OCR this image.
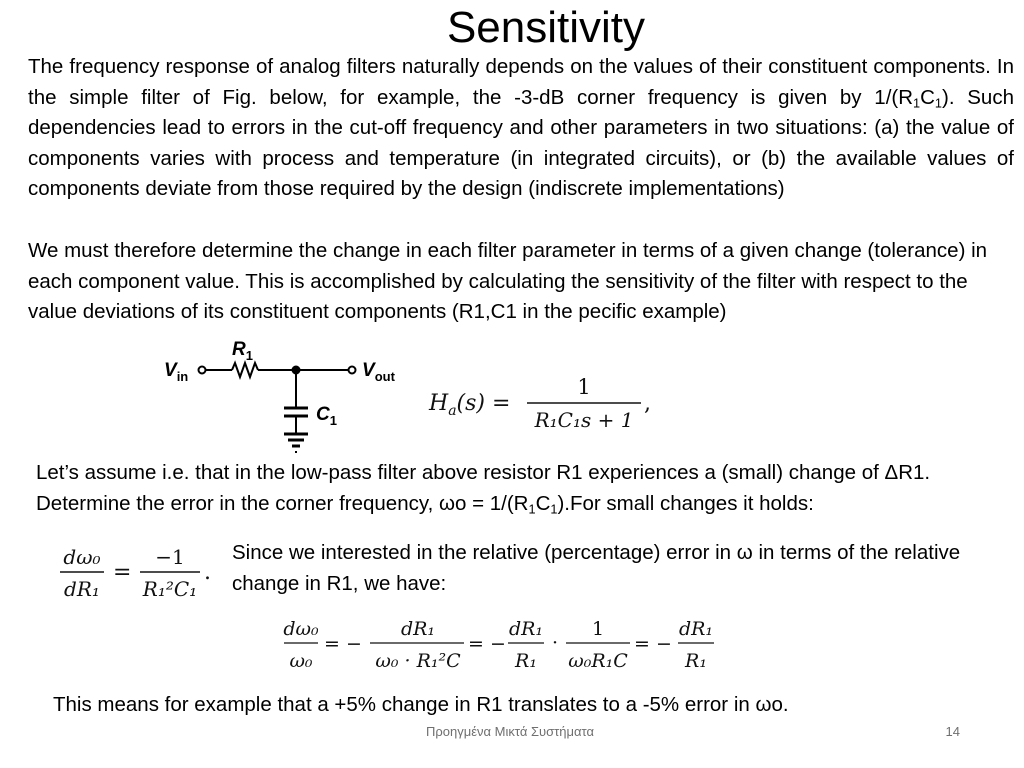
Sensitivity
The frequency response of analog filters naturally depends on the values of their constituent components. In the simple filter of Fig. below, for example, the -3-dB corner frequency is given by $1/(R_1C_1)$. Such dependencies lead to errors in the cut-off frequency and other parameters in two situations: (a) the value of components varies with process and temperature (in integrated circuits), or (b) the available values of components deviate from those required by the design (indiscrete implementations)
We must therefore determine the change in each filter parameter in terms of a given change (tolerance) in each component value. This is accomplished by calculating the sensitivity of the filter with respect to the value deviations of its constituent components (R1,C1 in the pecific example)
$V_{in}$
$R_1$
$V_{out}$
$C_1$
$H_a(s)$ =
1
R₁C₁s + 1
,
Let’s assume i.e. that in the low-pass filter above resistor R1 experiences a (small) change of ΔR1. Determine the error in the corner frequency, $\omega o = 1/(R_1C_1).For$ small changes it holds:
dω₀
dR₁
=
−1
R₁²C₁
.
Since we interested in the relative (percentage) error in ω in terms of the relative change in R1, we have:
dω₀
ω₀
= −
dR₁
ω₀ · R₁²C
= −
dR₁
R₁
·
1
ω₀R₁C
= −
dR₁
R₁
This means for example that a +5% change in R1 translates to a -5% error in ωo.
Προηγμένα Μικτά Συστήματα	14
